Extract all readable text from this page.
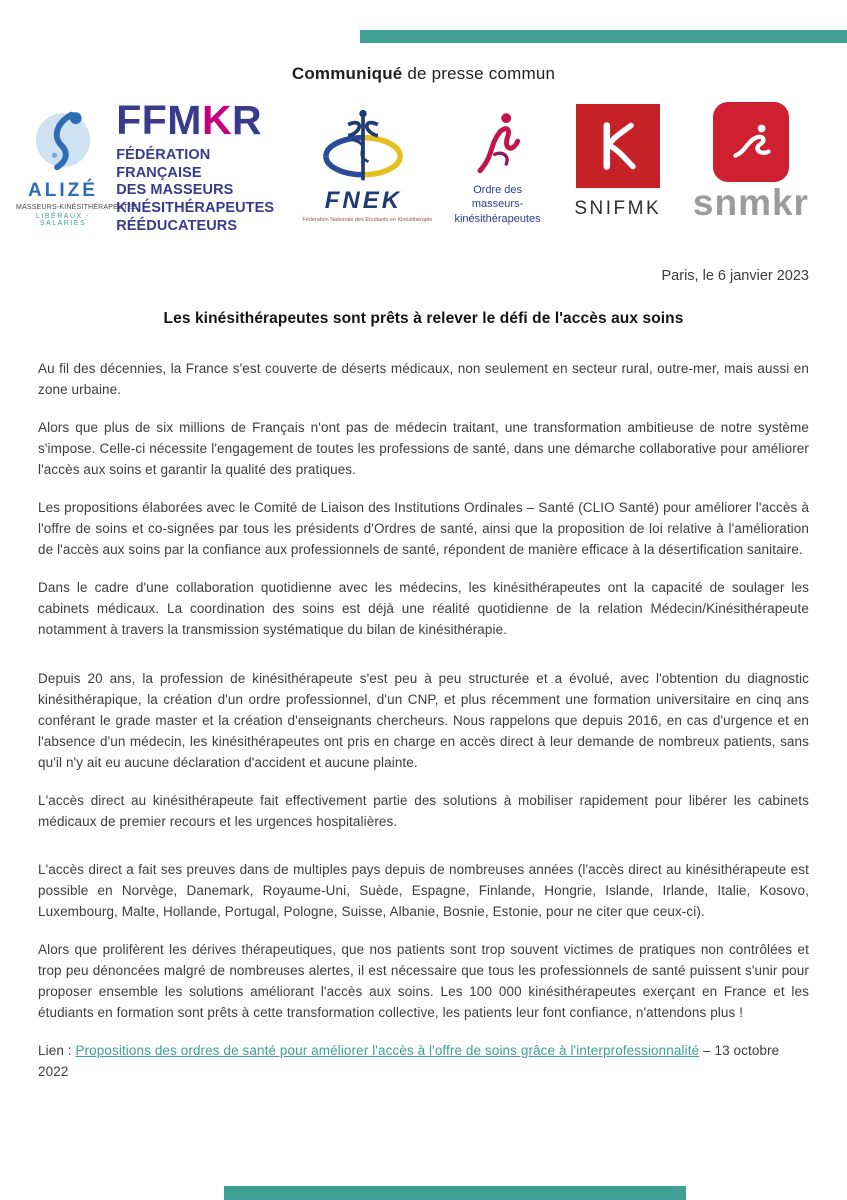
Communiqué de presse commun
ALIZÉ
MASSEURS-KINÉSITHÉRAPEUTES
LIBÉRAUX - SALARIÉS
FFMKR
FÉDÉRATION FRANÇAISE
DES MASSEURS
KINÉSITHÉRAPEUTES
RÉÉDUCATEURS
FNEK
Fédération Nationale des Etudiants en Kinésithérapie
Ordre des
masseurs-kinésithérapeutes	SNIFMK snmkr
Paris, le 6 janvier 2023
Les kinésithérapeutes sont prêts à relever le défi de l'accès aux soins

Au fil des décennies, la France s'est couverte de déserts médicaux, non seulement en secteur rural, outre-mer, mais aussi en zone urbaine.

Alors que plus de six millions de Français n'ont pas de médecin traitant, une transformation ambitieuse de notre système s'impose. Celle-ci nécessite l'engagement de toutes les professions de santé, dans une démarche collaborative pour améliorer l'accès aux soins et garantir la qualité des pratiques.

Les propositions élaborées avec le Comité de Liaison des Institutions Ordinales – Santé (CLIO Santé) pour améliorer l'accès à l'offre de soins et co-signées par tous les présidents d'Ordres de santé, ainsi que la proposition de loi relative à l'amélioration de l'accès aux soins par la confiance aux professionnels de santé, répondent de manière efficace à la désertification sanitaire.

Dans le cadre d'une collaboration quotidienne avec les médecins, les kinésithérapeutes ont la capacité de soulager les cabinets médicaux. La coordination des soins est déjà une réalité quotidienne de la relation Médecin/Kinésithérapeute notamment à travers la transmission systématique du bilan de kinésithérapie.

Depuis 20 ans, la profession de kinésithérapeute s'est peu à peu structurée et a évolué, avec l'obtention du diagnostic kinésithérapique, la création d'un ordre professionnel, d'un CNP, et plus récemment une formation universitaire en cinq ans conférant le grade master et la création d'enseignants chercheurs. Nous rappelons que depuis 2016, en cas d'urgence et en l'absence d'un médecin, les kinésithérapeutes ont pris en charge en accès direct à leur demande de nombreux patients, sans qu'il n'y ait eu aucune déclaration d'accident et aucune plainte.

L'accès direct au kinésithérapeute fait effectivement partie des solutions à mobiliser rapidement pour libérer les cabinets médicaux de premier recours et les urgences hospitalières.

L'accès direct a fait ses preuves dans de multiples pays depuis de nombreuses années (l'accès direct au kinésithérapeute est possible en Norvège, Danemark, Royaume-Uni, Suède, Espagne, Finlande, Hongrie, Islande, Irlande, Italie, Kosovo, Luxembourg, Malte, Hollande, Portugal, Pologne, Suisse, Albanie, Bosnie, Estonie, pour ne citer que ceux-ci).

Alors que prolifèrent les dérives thérapeutiques, que nos patients sont trop souvent victimes de pratiques non contrôlées et trop peu dénoncées malgré de nombreuses alertes, il est nécessaire que tous les professionnels de santé puissent s'unir pour proposer ensemble les solutions améliorant l'accès aux soins. Les 100 000 kinésithérapeutes exerçant en France et les étudiants en formation sont prêts à cette transformation collective, les patients leur font confiance, n'attendons plus !

Lien : Propositions des ordres de santé pour améliorer l'accès à l'offre de soins grâce à l'interprofessionnalité – 13 octobre 2022
